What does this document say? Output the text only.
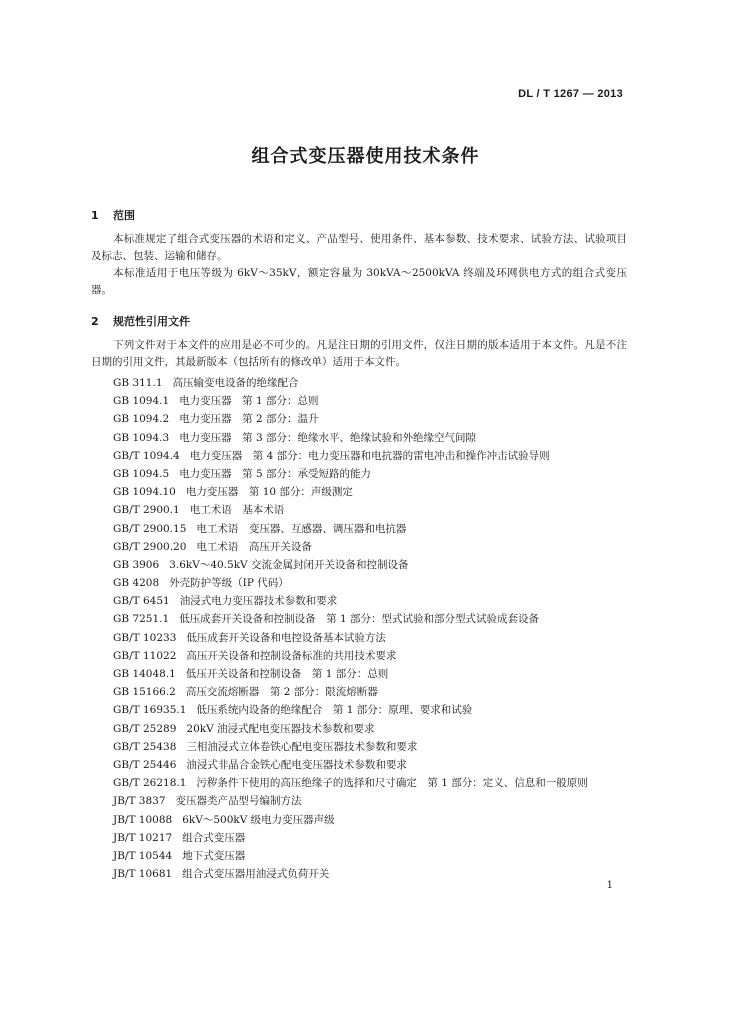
DL / T 1267 — 2013
组合式变压器使用技术条件
1 范围

本标准规定了组合式变压器的术语和定义、产品型号、使用条件、基本参数、技术要求、试验方法、试验项目及标志、包装、运输和储存。

本标准适用于电压等级为 6kV～35kV，额定容量为 30kVA～2500kVA 终端及环网供电方式的组合式变压器。

2 规范性引用文件

下列文件对于本文件的应用是必不可少的。凡是注日期的引用文件，仅注日期的版本适用于本文件。凡是不注日期的引用文件，其最新版本（包括所有的修改单）适用于本文件。

GB 311.1 高压输变电设备的绝缘配合
GB 1094.1 电力变压器　第 1 部分：总则
GB 1094.2 电力变压器　第 2 部分：温升
GB 1094.3 电力变压器　第 3 部分：绝缘水平、绝缘试验和外绝缘空气间隙
GB/T 1094.4 电力变压器　第 4 部分：电力变压器和电抗器的雷电冲击和操作冲击试验导则
GB 1094.5 电力变压器　第 5 部分：承受短路的能力
GB 1094.10 电力变压器　第 10 部分：声级测定
GB/T 2900.1 电工术语　基本术语
GB/T 2900.15 电工术语　变压器、互感器、调压器和电抗器
GB/T 2900.20 电工术语　高压开关设备
GB 3906 3.6kV～40.5kV 交流金属封闭开关设备和控制设备
GB 4208 外壳防护等级（IP 代码）
GB/T 6451 油浸式电力变压器技术参数和要求
GB 7251.1 低压成套开关设备和控制设备　第 1 部分：型式试验和部分型式试验成套设备
GB/T 10233 低压成套开关设备和电控设备基本试验方法
GB/T 11022 高压开关设备和控制设备标准的共用技术要求
GB 14048.1 低压开关设备和控制设备　第 1 部分：总则
GB 15166.2 高压交流熔断器　第 2 部分：限流熔断器
GB/T 16935.1 低压系统内设备的绝缘配合　第 1 部分：原理、要求和试验
GB/T 25289 20kV 油浸式配电变压器技术参数和要求
GB/T 25438 三相油浸式立体卷铁心配电变压器技术参数和要求
GB/T 25446 油浸式非晶合金铁心配电变压器技术参数和要求
GB/T 26218.1 污秽条件下使用的高压绝缘子的选择和尺寸确定　第 1 部分：定义、信息和一般原则
JB/T 3837 变压器类产品型号编制方法
JB/T 10088 6kV～500kV 级电力变压器声级
JB/T 10217 组合式变压器
JB/T 10544 地下式变压器
JB/T 10681 组合式变压器用油浸式负荷开关
1
